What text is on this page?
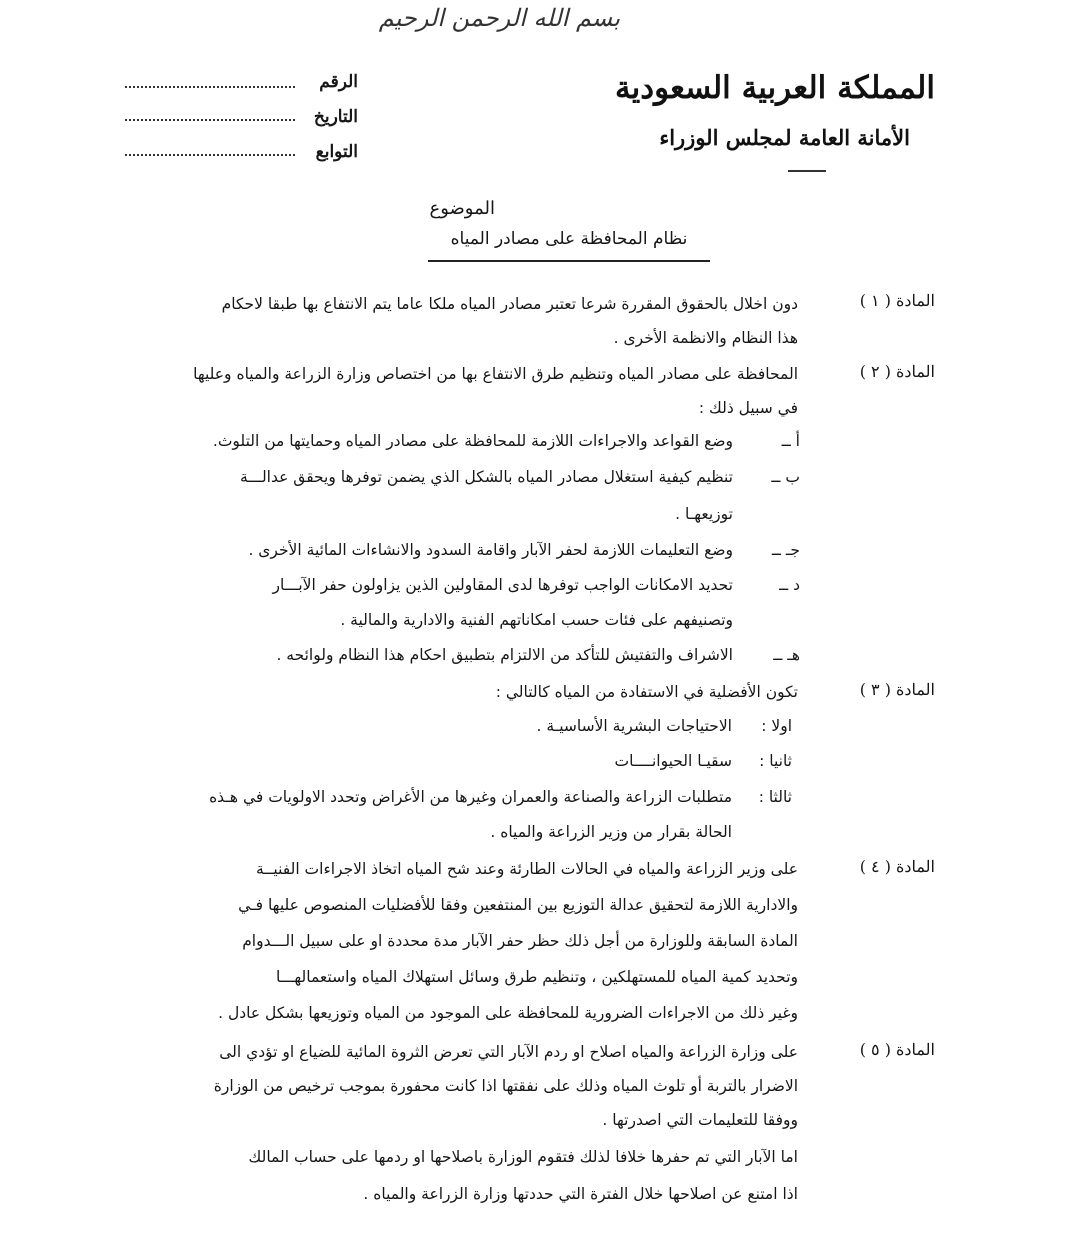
بسم الله الرحمن الرحيم
المملكة العربية السعودية
الأمانة العامة لمجلس الوزراء
الرقم
التاريخ
التوابع
الموضوع
نظام المحافظة على مصادر المياه
المادة ( ١ )
دون اخلال بالحقوق المقررة شرعا تعتبر مصادر المياه ملكا عاما يتم الانتفاع بها طبقا لاحكام
هذا النظام والانظمة الأخرى .
المادة ( ٢ )
المحافظة على مصادر المياه وتنظيم طرق الانتفاع بها من اختصاص وزارة الزراعة والمياه وعليها
في سبيل ذلك :
أ ــ
وضع القواعد والاجراءات اللازمة للمحافظة على مصادر المياه وحمايتها من التلوث.
ب ــ
تنظيم كيفية استغلال مصادر المياه بالشكل الذي يضمن توفرها ويحقق عدالـــة
توزيعهـا .
جـ ــ
وضع التعليمات اللازمة لحفر الآبار واقامة السدود والانشاءات المائية الأخرى .
د ــ
تحديد الامكانات الواجب توفرها لدى المقاولين الذين يزاولون حفر الآبـــار
وتصنيفهم على فئات حسب امكاناتهم الفنية والادارية والمالية .
هـ ــ
الاشراف والتفتيش للتأكد من الالتزام بتطبيق احكام هذا النظام ولوائحه .
المادة ( ٣ )
تكون الأفضلية في الاستفادة من المياه كالتالي :
اولا :
الاحتياجات البشرية الأساسيـة .
ثانيا :
سقيـا الحيوانــــات
ثالثا :
متطلبات الزراعة والصناعة والعمران وغيرها من الأغراض وتحدد الاولويات في هـذه
الحالة بقرار من وزير الزراعة والمياه .
المادة ( ٤ )
على وزير الزراعة والمياه في الحالات الطارئة وعند شح المياه اتخاذ الاجراءات الفنيــة
والادارية اللازمة لتحقيق عدالة التوزيع بين المنتفعين وفقا للأفضليات المنصوص عليها فـي
المادة السابقة وللوزارة من أجل ذلك حظر حفر الآبار مدة محددة او على سبيل الـــدوام
وتحديد كمية المياه للمستهلكين ، وتنظيم طرق وسائل استهلاك المياه واستعمالهـــا
وغير ذلك من الاجراءات الضرورية للمحافظة على الموجود من المياه وتوزيعها بشكل عادل .
المادة ( ٥ )
على وزارة الزراعة والمياه اصلاح او ردم الآبار التي تعرض الثروة المائية للضياع او تؤدي الى
الاضرار بالتربة أو تلوث المياه وذلك على نفقتها اذا كانت محفورة بموجب ترخيص من الوزارة
ووفقا للتعليمات التي اصدرتها .
اما الآبار التي تم حفرها خلافا لذلك فتقوم الوزارة باصلاحها او ردمها على حساب المالك
اذا امتنع عن اصلاحها خلال الفترة التي حددتها وزارة الزراعة والمياه .
